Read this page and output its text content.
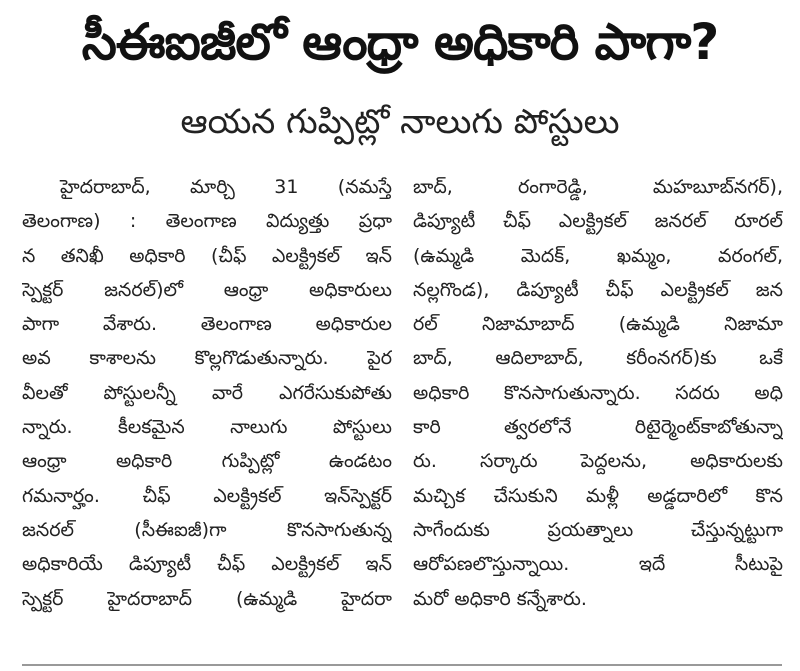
సీఈఐజీలో ఆంధ్రా అధికారి పాగా?
ఆయన గుప్పిట్లో నాలుగు పోస్టులు

హైదరాబాద్, మార్చి 31 (నమస్తే

తెలంగాణ) : తెలంగాణ విద్యుత్తు ప్రధా

న తనిఖీ అధికారి (చీఫ్ ఎలక్ట్రికల్ ఇన్

స్పెక్టర్ జనరల్)లో ఆంధ్రా అధికారులు

పాగా వేశారు. తెలంగాణ అధికారుల

అవ కాశాలను కొల్లగొడుతున్నారు. పైర

వీలతో పోస్టులన్నీ వారే ఎగరేసుకుపోతు

న్నారు. కీలకమైన నాలుగు పోస్టులు

ఆంధ్రా అధికారి గుప్పిట్లో ఉండటం

గమనార్హం. చీఫ్ ఎలక్ట్రికల్ ఇన్‌స్పెక్టర్

జనరల్ (సీఈఐజీ)గా కొనసాగుతున్న

అధికారియే డిప్యూటీ చీఫ్ ఎలక్ట్రికల్ ఇన్

స్పెక్టర్ హైదరాబాద్ (ఉమ్మడి హైదరా

బాద్, రంగారెడ్డి, మహబూబ్‌నగర్),

డిప్యూటీ చీఫ్ ఎలక్ట్రికల్ జనరల్ రూరల్

(ఉమ్మడి మెదక్, ఖమ్మం, వరంగల్,

నల్లగొండ), డిప్యూటీ చీఫ్ ఎలక్ట్రికల్ జన

రల్ నిజామాబాద్ (ఉమ్మడి నిజామా

బాద్, ఆదిలాబాద్, కరీంనగర్)కు ఒకే

అధికారి కొనసాగుతున్నారు. సదరు అధి

కారి త్వరలోనే రిటైర్మెంట్‌కాబోతున్నా

రు. సర్కారు పెద్దలను, అధికారులకు

మచ్చిక చేసుకుని మళ్లీ అడ్డదారిలో కొన

సాగేందుకు ప్రయత్నాలు చేస్తున్నట్టుగా

ఆరోపణలొస్తున్నాయి. ఇదే సీటుపై

మరో అధికారి కన్నేశారు.
